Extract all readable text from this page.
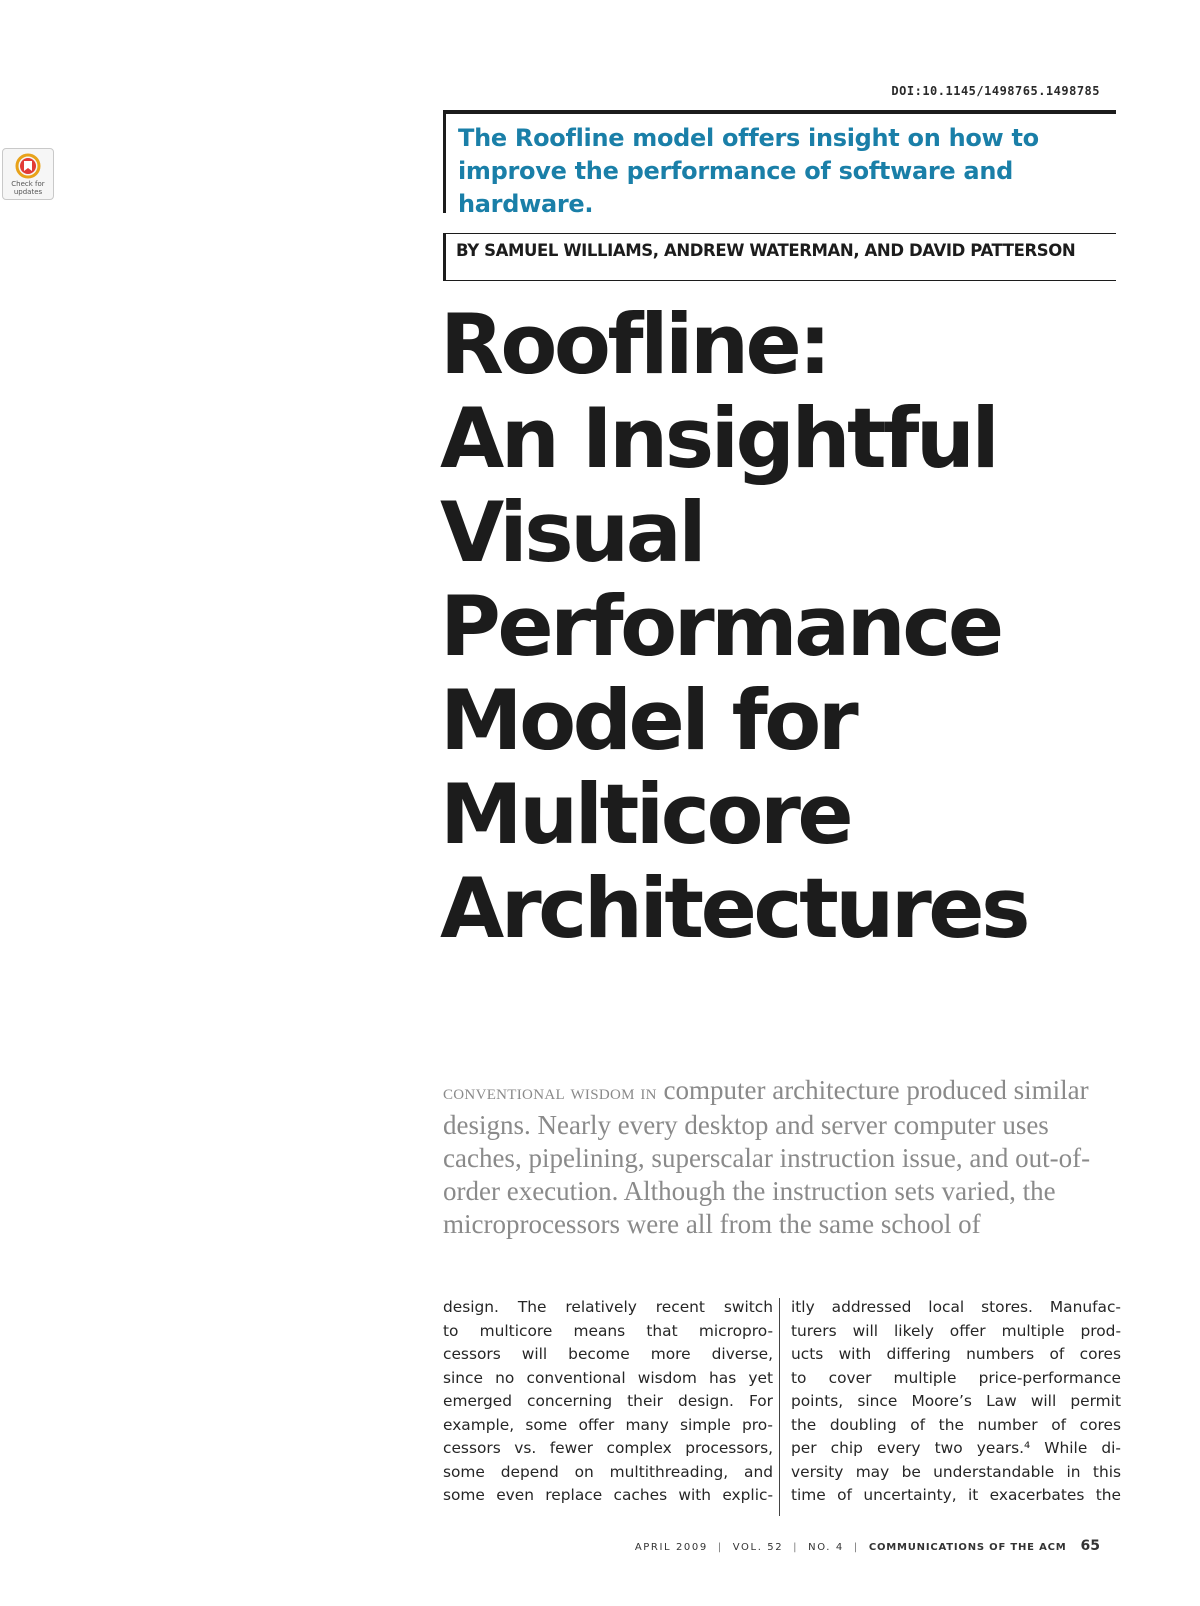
Check for updates
DOI:10.1145/1498765.1498785

The Roofline model offers insight on how to improve the performance of software and hardware.

BY SAMUEL WILLIAMS, ANDREW WATERMAN, AND DAVID PATTERSON
Roofline:
An Insightful
Visual
Performance
Model for
Multicore
Architectures

conventional wisdom in computer architecture produced similar designs. Nearly every desktop and server computer uses caches, pipelining, superscalar instruction issue, and out-of-order execution. Although the instruction sets varied, the microprocessors were all from the same school of

design. The relatively recent switch
to multicore means that micropro-
cessors will become more diverse,
since no conventional wisdom has yet
emerged concerning their design. For
example, some offer many simple pro-
cessors vs. fewer complex processors,
some depend on multithreading, and
some even replace caches with explic-
itly addressed local stores. Manufac-
turers will likely offer multiple prod-
ucts with differing numbers of cores
to cover multiple price-performance
points, since Moore’s Law will permit
the doubling of the number of cores
per chip every two years.⁴ While di-
versity may be understandable in this
time of uncertainty, it exacerbates the
APRIL 2009 | VOL. 52 | NO. 4 | COMMUNICATIONS OF THE ACM 65
